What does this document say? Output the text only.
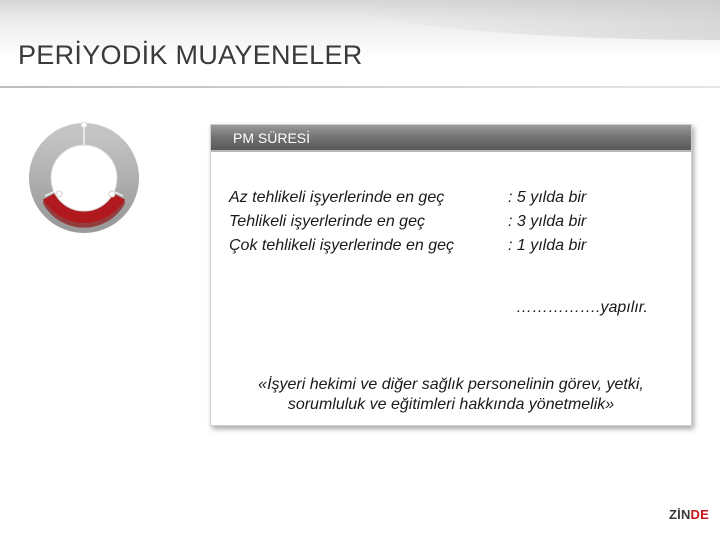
PERİYODİK MUAYENELER
PM SÜRESİ
Az tehlikeli işyerlerinde en geç	: 5 yılda bir
Tehlikeli işyerlerinde en geç	: 3 yılda bir
Çok tehlikeli işyerlerinde en geç	: 1 yılda bir
…………….yapılır.
«İşyeri hekimi ve diğer sağlık personelinin görev, yetki,
sorumluluk ve eğitimleri hakkında yönetmelik»
ZİNDE
